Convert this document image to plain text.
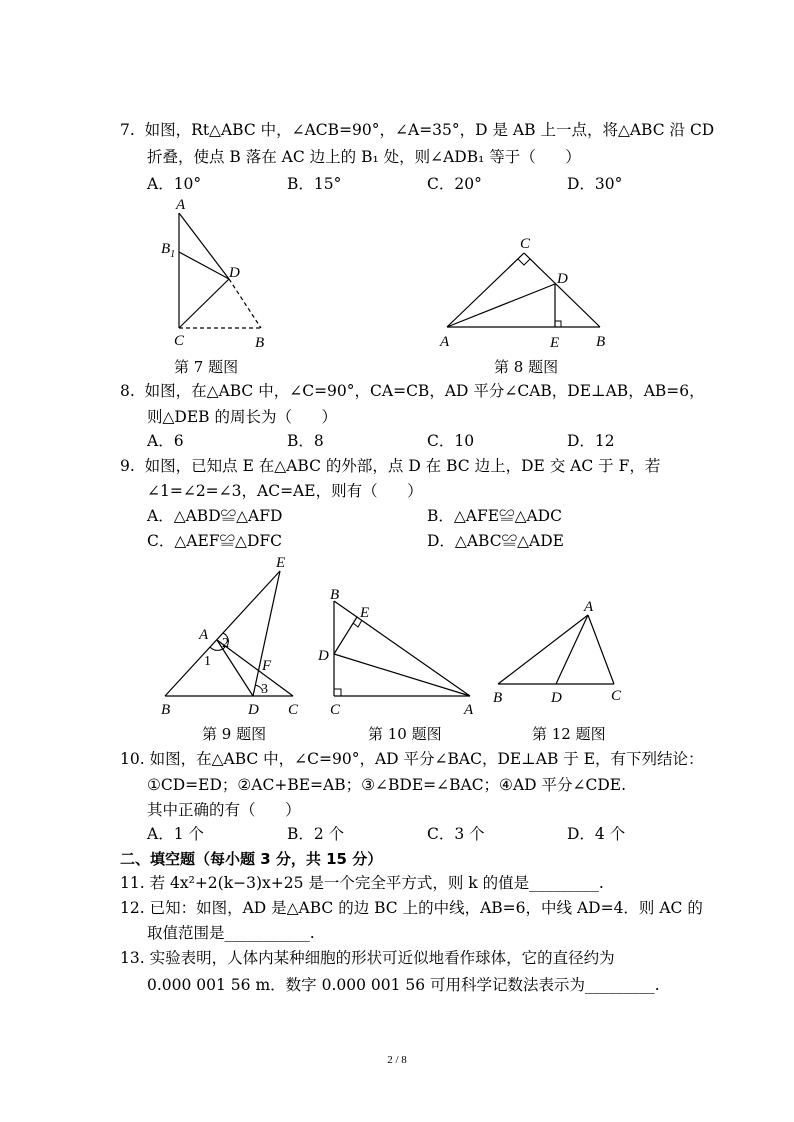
7.  如图，Rt△ABC 中，∠ACB=90°，∠A=35°，D 是 AB 上一点，将△ABC 沿 CD
折叠，使点 B 落在 AC 边上的 B₁ 处，则∠ADB₁ 等于（      ）
A．10°	B．15°	C．20°	D．30°
A
$B_1$
D
C	B
第 7 题图
C
D
A	E B
第 8 题图
8.  如图，在△ABC 中，∠C=90°，CA=CB，AD 平分∠CAB，DE⊥AB，AB=6，
则△DEB 的周长为（      ）
A．6	B．8	C．10	D．12
9.  如图，已知点 E 在△ABC 的外部，点 D 在 BC 边上，DE 交 AC 于 F，若
∠1=∠2=∠3，AC=AE，则有（      ）
A．△ABD≌△AFD	B．△AFE≌△ADC
C．△AEF≌△DFC	D．△ABC≌△ADE
E
A
2
1	F
3
B	D C
第 9 题图
B
E
D
C	A
第 10 题图
A
B	D	C
第 12 题图
10. 如图，在△ABC 中，∠C=90°，AD 平分∠BAC，DE⊥AB 于 E，有下列结论：
①CD=ED；②AC+BE=AB；③∠BDE=∠BAC；④AD 平分∠CDE.
其中正确的有（      ）
A．1 个	B．2 个	C．3 个	D．4 个
二、填空题（每小题 3 分，共 15 分）
11. 若 4x²+2(k−3)x+25 是一个完全平方式，则 k 的值是_________.
12. 已知：如图，AD 是△ABC 的边 BC 上的中线，AB=6，中线 AD=4．则 AC 的
取值范围是___________.
13. 实验表明，人体内某种细胞的形状可近似地看作球体，它的直径约为
0.000 001 56 m．数字 0.000 001 56 可用科学记数法表示为_________.
2 / 8
